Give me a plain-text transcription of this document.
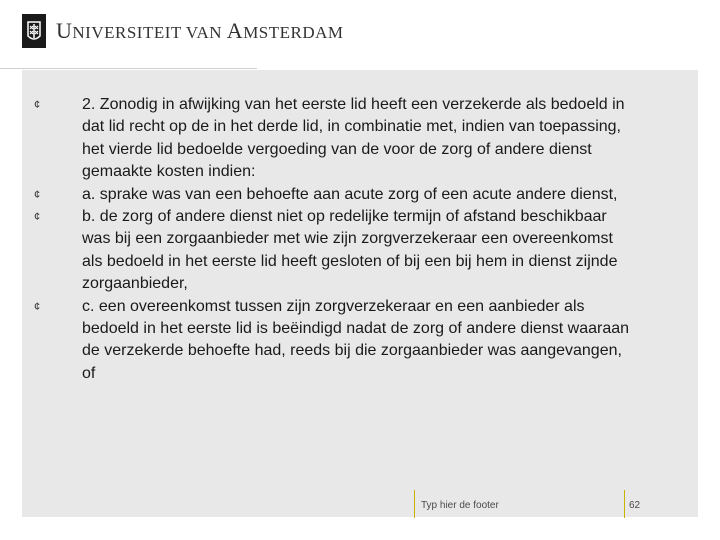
UNIVERSITEIT VAN AMSTERDAM
¢	2. Zonodig in afwijking van het eerste lid heeft een verzekerde als bedoeld in dat lid recht op de in het derde lid, in combinatie met, indien van toepassing, het vierde lid bedoelde vergoeding van de voor de zorg of andere dienst gemaakte kosten indien:
¢	a. sprake was van een behoefte aan acute zorg of een acute andere dienst,
¢	b. de zorg of andere dienst niet op redelijke termijn of afstand beschikbaar was bij een zorgaanbieder met wie zijn zorgverzekeraar een overeenkomst als bedoeld in het eerste lid heeft gesloten of bij een bij hem in dienst zijnde zorgaanbieder,
¢	c. een overeenkomst tussen zijn zorgverzekeraar en een aanbieder als bedoeld in het eerste lid is beëindigd nadat de zorg of andere dienst waaraan de verzekerde behoefte had, reeds bij die zorgaanbieder was aangevangen, of
Typ hier de footer	62
